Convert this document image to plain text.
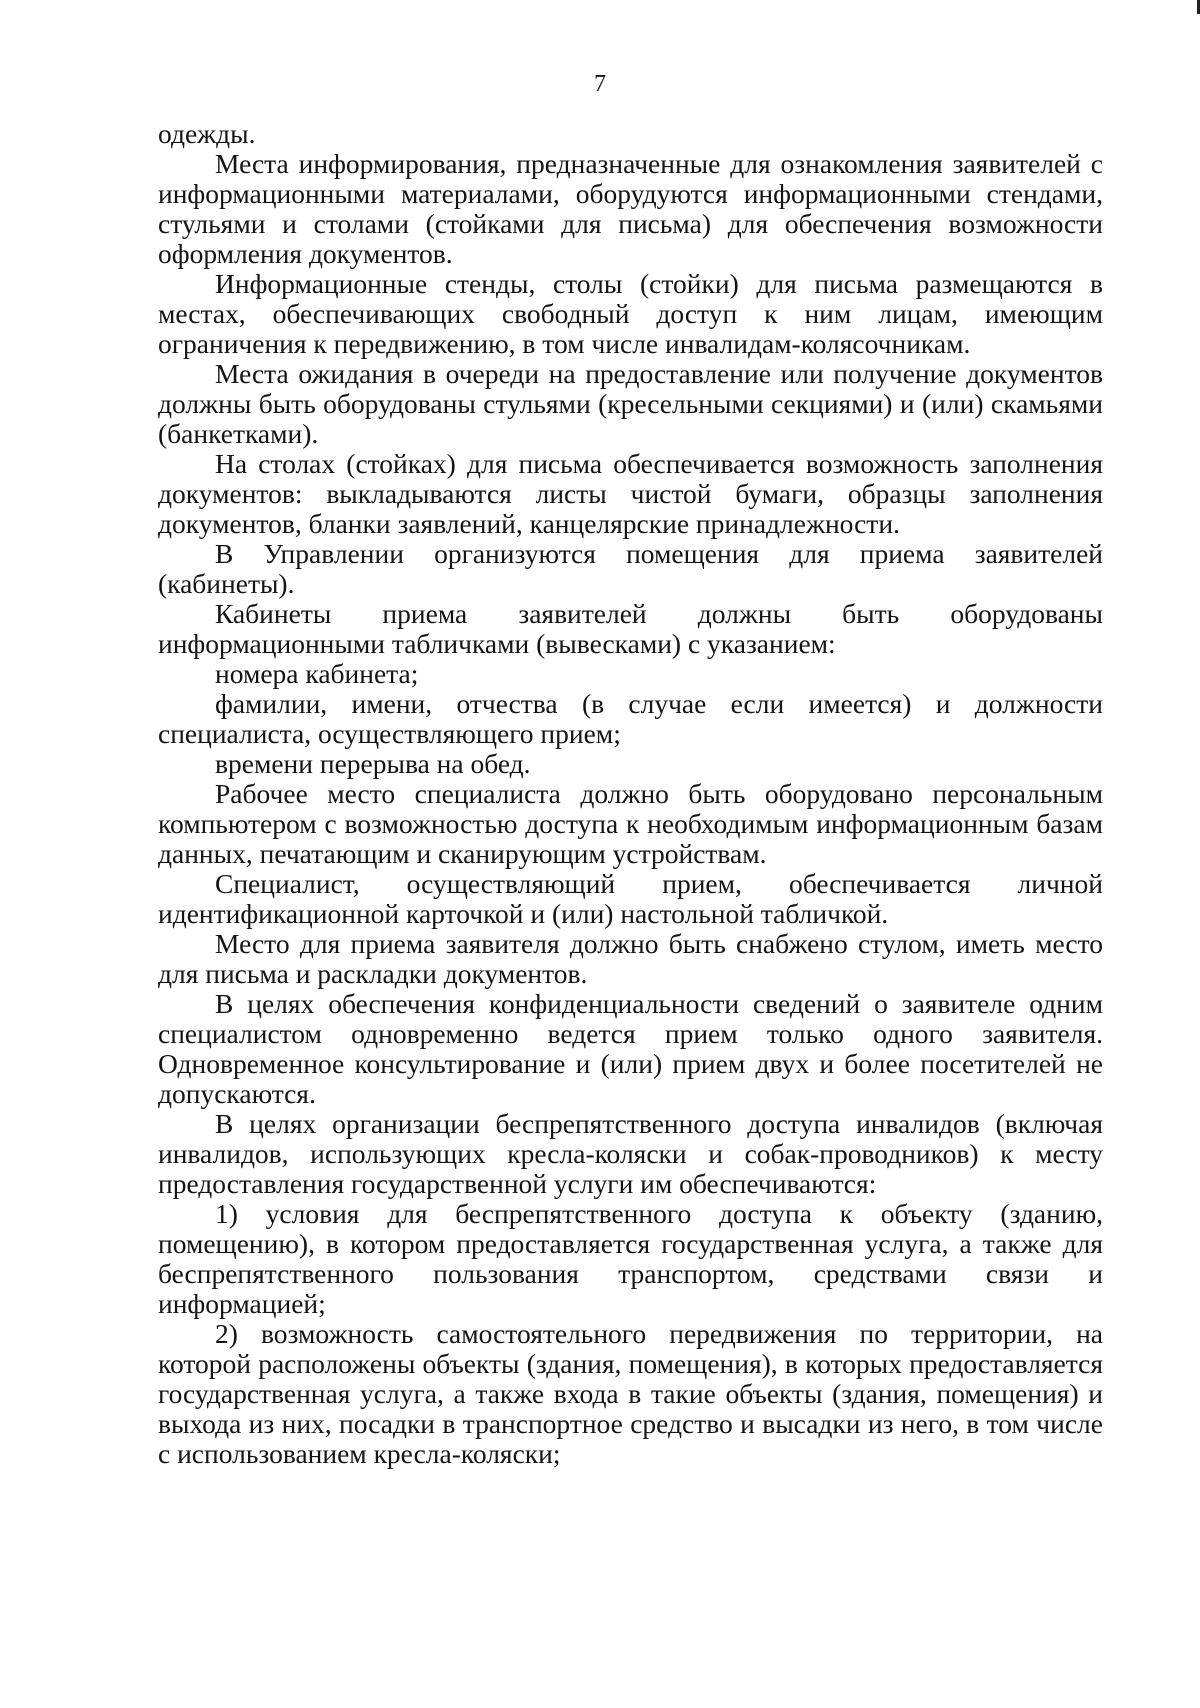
7

одежды.

Места информирования, предназначенные для ознакомления заявителей с информационными материалами, оборудуются информационными стендами, стульями и столами (стойками для письма) для обеспечения возможности оформления документов.

Информационные стенды, столы (стойки) для письма размещаются в местах, обеспечивающих свободный доступ к ним лицам, имеющим ограничения к передвижению, в том числе инвалидам-колясочникам.

Места ожидания в очереди на предоставление или получение документов должны быть оборудованы стульями (кресельными секциями) и (или) скамьями (банкетками).

На столах (стойках) для письма обеспечивается возможность заполнения документов: выкладываются листы чистой бумаги, образцы заполнения документов, бланки заявлений, канцелярские принадлежности.

В Управлении организуются помещения для приема заявителей (кабинеты).

Кабинеты приема заявителей должны быть оборудованы информационными табличками (вывесками) с указанием:

номера кабинета;

фамилии, имени, отчества (в случае если имеется) и должности специалиста, осуществляющего прием;

времени перерыва на обед.

Рабочее место специалиста должно быть оборудовано персональным компьютером с возможностью доступа к необходимым информационным базам данных, печатающим и сканирующим устройствам.

Специалист, осуществляющий прием, обеспечивается личной идентификационной карточкой и (или) настольной табличкой.

Место для приема заявителя должно быть снабжено стулом, иметь место для письма и раскладки документов.

В целях обеспечения конфиденциальности сведений о заявителе одним специалистом одновременно ведется прием только одного заявителя. Одновременное консультирование и (или) прием двух и более посетителей не допускаются.

В целях организации беспрепятственного доступа инвалидов (включая инвалидов, использующих кресла-коляски и собак-проводников) к месту предоставления государственной услуги им обеспечиваются:

1) условия для беспрепятственного доступа к объекту (зданию, помещению), в котором предоставляется государственная услуга, а также для беспрепятственного пользования транспортом, средствами связи и информацией;

2) возможность самостоятельного передвижения по территории, на которой расположены объекты (здания, помещения), в которых предоставляется государственная услуга, а также входа в такие объекты (здания, помещения) и выхода из них, посадки в транспортное средство и высадки из него, в том числе с использованием кресла-коляски;
